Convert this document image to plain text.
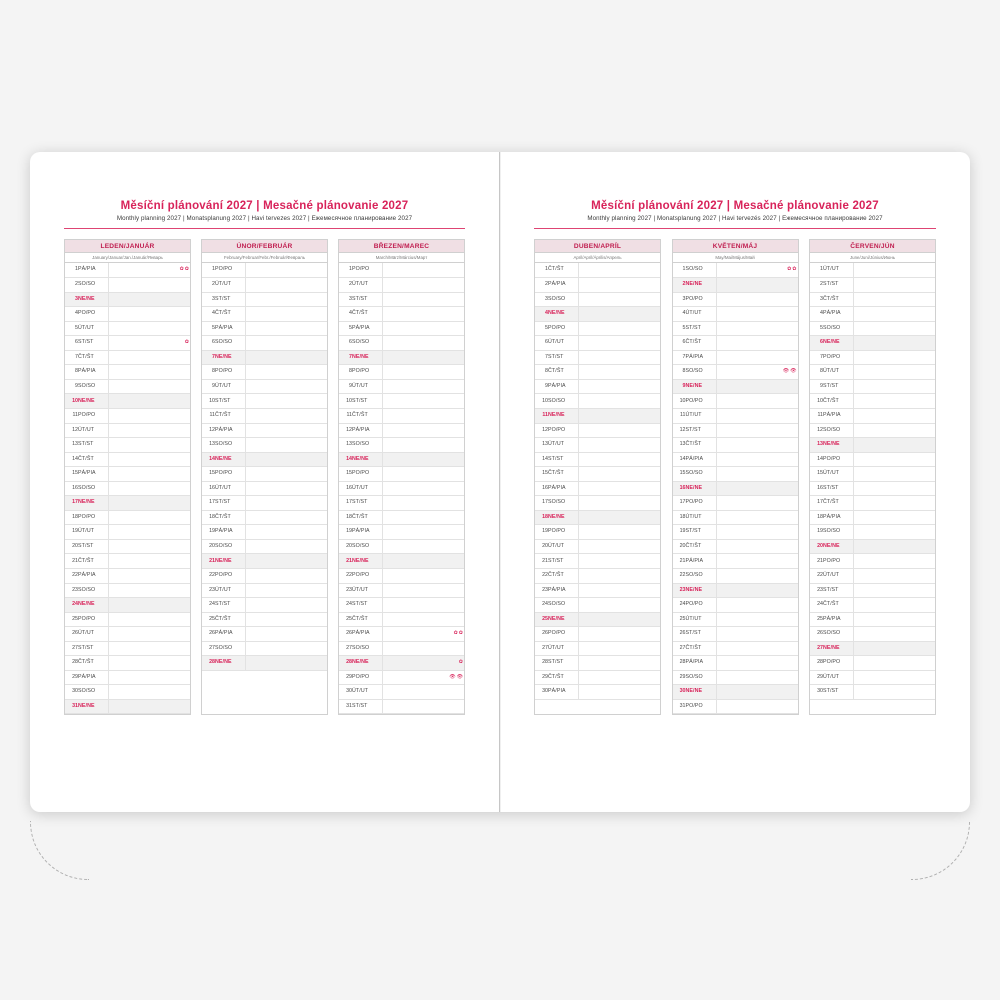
Měsíční plánování 2027 | Mesačné plánovanie 2027
Monthly planning 2027 | Monatsplanung 2027 | Havi tervezes 2027 | Ежемесячное планирование 2027
LEDEN/JANUÁR
January/Januar/Jan./Január/Январь
1	PÁ/PIA	✿✿
2	SO/SO	
3	NE/NE	
4	PO/PO	
5	ÚT/UT	
6	ST/ST	✿
7	ČT/ŠT	
8	PÁ/PIA	
9	SO/SO	
10	NE/NE	
11	PO/PO	
12	ÚT/UT	
13	ST/ST	
14	ČT/ŠT	
15	PÁ/PIA	
16	SO/SO	
17	NE/NE	
18	PO/PO	
19	ÚT/UT	
20	ST/ST	
21	ČT/ŠT	
22	PÁ/PIA	
23	SO/SO	
24	NE/NE	
25	PO/PO	
26	ÚT/UT	
27	ST/ST	
28	ČT/ŠT	
29	PÁ/PIA	
30	SO/SO	
31	NE/NE	
ÚNOR/FEBRUÁR
February/Februar/Febr./Február/Февраль
1	PO/PO	
2	ÚT/UT	
3	ST/ST	
4	ČT/ŠT	
5	PÁ/PIA	
6	SO/SO	
7	NE/NE	
8	PO/PO	
9	ÚT/UT	
10	ST/ST	
11	ČT/ŠT	
12	PÁ/PIA	
13	SO/SO	
14	NE/NE	
15	PO/PO	
16	ÚT/UT	
17	ST/ST	
18	ČT/ŠT	
19	PÁ/PIA	
20	SO/SO	
21	NE/NE	
22	PO/PO	
23	ÚT/UT	
24	ST/ST	
25	ČT/ŠT	
26	PÁ/PIA	
27	SO/SO	
28	NE/NE	
BŘEZEN/MAREC
March/März/Március/Март
1	PO/PO	
2	ÚT/UT	
3	ST/ST	
4	ČT/ŠT	
5	PÁ/PIA	
6	SO/SO	
7	NE/NE	
8	PO/PO	
9	ÚT/UT	
10	ST/ST	
11	ČT/ŠT	
12	PÁ/PIA	
13	SO/SO	
14	NE/NE	
15	PO/PO	
16	ÚT/UT	
17	ST/ST	
18	ČT/ŠT	
19	PÁ/PIA	
20	SO/SO	
21	NE/NE	
22	PO/PO	
23	ÚT/UT	
24	ST/ST	
25	ČT/ŠT	
26	PÁ/PIA	✿✿
27	SO/SO	
28	NE/NE	✿
29	PO/PO	👁👁
30	ÚT/UT	
31	ST/ST	
Měsíční plánování 2027 | Mesačné plánovanie 2027
Monthly planning 2027 | Monatsplanung 2027 | Havi tervezés 2027 | Ежемесячное планирование 2027
DUBEN/APRÍL
April/April/Április/Апрель
1	ČT/ŠT	
2	PÁ/PIA	
3	SO/SO	
4	NE/NE	
5	PO/PO	
6	ÚT/UT	
7	ST/ST	
8	ČT/ŠT	
9	PÁ/PIA	
10	SO/SO	
11	NE/NE	
12	PO/PO	
13	ÚT/UT	
14	ST/ST	
15	ČT/ŠT	
16	PÁ/PIA	
17	SO/SO	
18	NE/NE	
19	PO/PO	
20	ÚT/UT	
21	ST/ST	
22	ČT/ŠT	
23	PÁ/PIA	
24	SO/SO	
25	NE/NE	
26	PO/PO	
27	ÚT/UT	
28	ST/ST	
29	ČT/ŠT	
30	PÁ/PIA	
KVĚTEN/MÁJ
May/Mai/Május/Май
1	SO/SO	✿✿
2	NE/NE	
3	PO/PO	
4	ÚT/UT	
5	ST/ST	
6	ČT/ŠT	
7	PÁ/PIA	
8	SO/SO	👁👁
9	NE/NE	
10	PO/PO	
11	ÚT/UT	
12	ST/ST	
13	ČT/ŠT	
14	PÁ/PIA	
15	SO/SO	
16	NE/NE	
17	PO/PO	
18	ÚT/UT	
19	ST/ST	
20	ČT/ŠT	
21	PÁ/PIA	
22	SO/SO	
23	NE/NE	
24	PO/PO	
25	ÚT/UT	
26	ST/ST	
27	ČT/ŠT	
28	PÁ/PIA	
29	SO/SO	
30	NE/NE	
31	PO/PO	
ČERVEN/JÚN
June/Juni/Június/Июнь
1	ÚT/UT	
2	ST/ST	
3	ČT/ŠT	
4	PÁ/PIA	
5	SO/SO	
6	NE/NE	
7	PO/PO	
8	ÚT/UT	
9	ST/ST	
10	ČT/ŠT	
11	PÁ/PIA	
12	SO/SO	
13	NE/NE	
14	PO/PO	
15	ÚT/UT	
16	ST/ST	
17	ČT/ŠT	
18	PÁ/PIA	
19	SO/SO	
20	NE/NE	
21	PO/PO	
22	ÚT/UT	
23	ST/ST	
24	ČT/ŠT	
25	PÁ/PIA	
26	SO/SO	
27	NE/NE	
28	PO/PO	
29	ÚT/UT	
30	ST/ST	
